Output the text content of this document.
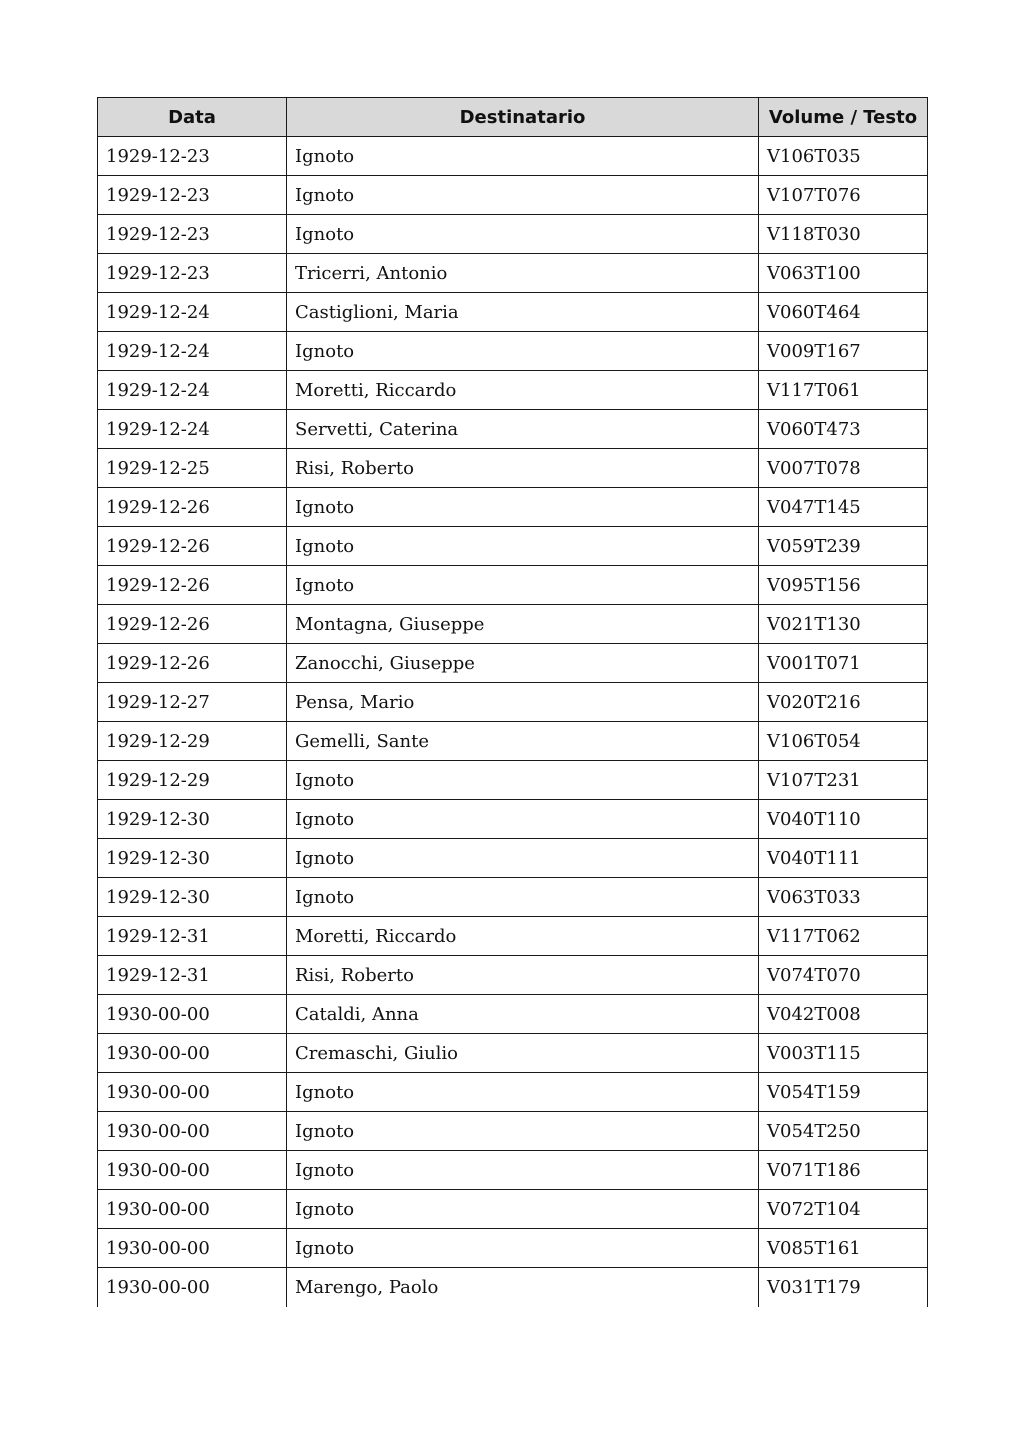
Data	Destinatario	Volume / Testo
1929-12-23	Ignoto	V106T035
1929-12-23	Ignoto	V107T076
1929-12-23	Ignoto	V118T030
1929-12-23	Tricerri, Antonio	V063T100
1929-12-24	Castiglioni, Maria	V060T464
1929-12-24	Ignoto	V009T167
1929-12-24	Moretti, Riccardo	V117T061
1929-12-24	Servetti, Caterina	V060T473
1929-12-25	Risi, Roberto	V007T078
1929-12-26	Ignoto	V047T145
1929-12-26	Ignoto	V059T239
1929-12-26	Ignoto	V095T156
1929-12-26	Montagna, Giuseppe	V021T130
1929-12-26	Zanocchi, Giuseppe	V001T071
1929-12-27	Pensa, Mario	V020T216
1929-12-29	Gemelli, Sante	V106T054
1929-12-29	Ignoto	V107T231
1929-12-30	Ignoto	V040T110
1929-12-30	Ignoto	V040T111
1929-12-30	Ignoto	V063T033
1929-12-31	Moretti, Riccardo	V117T062
1929-12-31	Risi, Roberto	V074T070
1930-00-00	Cataldi, Anna	V042T008
1930-00-00	Cremaschi, Giulio	V003T115
1930-00-00	Ignoto	V054T159
1930-00-00	Ignoto	V054T250
1930-00-00	Ignoto	V071T186
1930-00-00	Ignoto	V072T104
1930-00-00	Ignoto	V085T161
1930-00-00	Marengo, Paolo	V031T179
